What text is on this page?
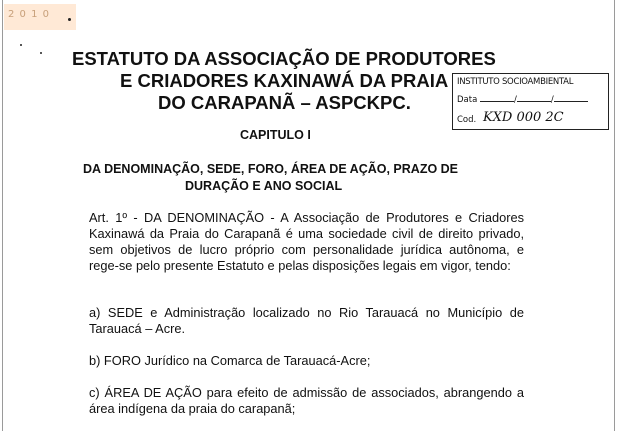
2 0 1 0
ESTATUTO DA ASSOCIAÇÃO DE PRODUTORES
E CRIADORES KAXINAWÁ DA PRAIA
DO CARAPANÃ – ASPCKPC.
INSTITUTO SOCIOAMBIENTAL
Data	/	/
Cod. KXD 000 2C
CAPITULO I
DA DENOMINAÇÃO, SEDE, FORO, ÁREA DE AÇÃO, PRAZO DE
DURAÇÃO E ANO SOCIAL

Art. 1º - DA DENOMINAÇÃO - A Associação de Produtores e Criadores Kaxinawá da Praia do Carapanã é uma sociedade civil de direito privado, sem objetivos de lucro próprio com personalidade jurídica autônoma, e rege-se pelo presente Estatuto e pelas disposições legais em vigor, tendo:

a) SEDE e Administração localizado no Rio Tarauacá no Município de Tarauacá – Acre.

b) FORO Jurídico na Comarca de Tarauacá-Acre;

c) ÁREA DE AÇÃO para efeito de admissão de associados, abrangendo a área indígena da praia do carapanã;
